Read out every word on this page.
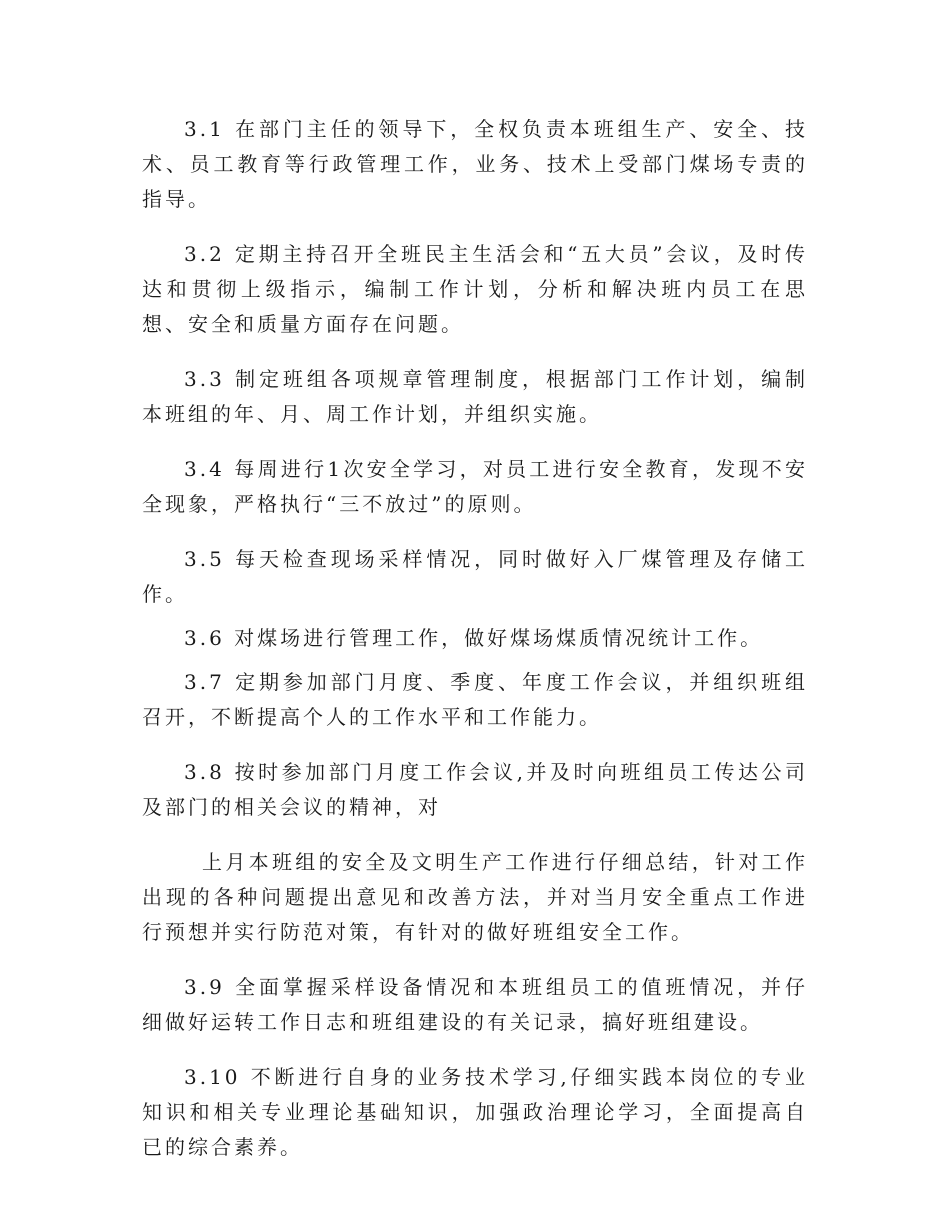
3.1 在部门主任的领导下，全权负责本班组生产、安全、技术、员工教育等行政管理工作，业务、技术上受部门煤场专责的指导。

3.2 定期主持召开全班民主生活会和“五大员”会议，及时传达和贯彻上级指示，编制工作计划，分析和解决班内员工在思想、安全和质量方面存在问题。

3.3 制定班组各项规章管理制度，根据部门工作计划，编制本班组的年、月、周工作计划，并组织实施。

3.4 每周进行1次安全学习，对员工进行安全教育，发现不安全现象，严格执行“三不放过”的原则。

3.5 每天检查现场采样情况，同时做好入厂煤管理及存储工作。

3.6 对煤场进行管理工作，做好煤场煤质情况统计工作。

3.7 定期参加部门月度、季度、年度工作会议，并组织班组召开，不断提高个人的工作水平和工作能力。

3.8 按时参加部门月度工作会议,并及时向班组员工传达公司及部门的相关会议的精神，对

上月本班组的安全及文明生产工作进行仔细总结，针对工作出现的各种问题提出意见和改善方法，并对当月安全重点工作进行预想并实行防范对策，有针对的做好班组安全工作。

3.9 全面掌握采样设备情况和本班组员工的值班情况，并仔细做好运转工作日志和班组建设的有关记录，搞好班组建设。

3.10 不断进行自身的业务技术学习,仔细实践本岗位的专业知识和相关专业理论基础知识，加强政治理论学习，全面提高自已的综合素养。
